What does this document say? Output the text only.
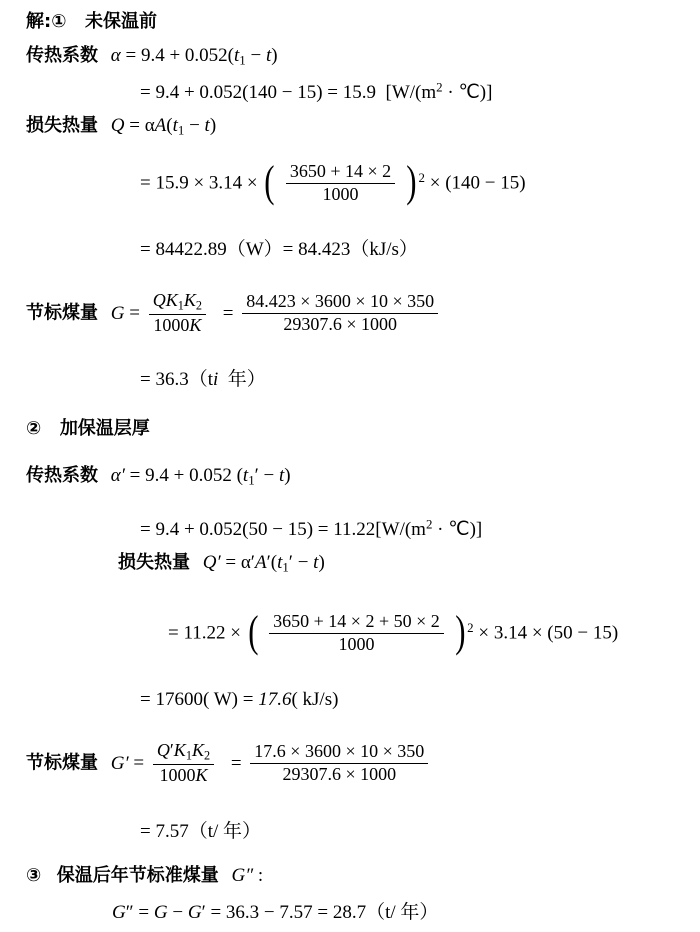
解:① 未保温前
传热系数 $\alpha = 9.4 + 0.052(t_1 - t)$
= 9.4 + 0.052(140 − 15) = 15.9  [$W/(m^2$ · ℃)]
损失热量 $Q = \alpha A(t_1 - t)$
= 15.9 × 3.14 × ( $\frac{3650 + 14 \times 2}{1000}$ ) $^2$ × (140 − 15)
= 84422.89（W）= 84.423（kJ/s）
节标煤量 $G = \frac{QK_1K_2}{1000K} = \frac{84.423 \times 3600 \times 10 \times 350}{29307.6 \times 1000}$
= 36.3（ti  年）
② 加保温层厚
传热系数 α′ = 9.4 + 0.052 $(t_1' - t)$
= $9.4 + 0.052(50 - 15) = 11.22[W/(m^2$ · ℃)]
损失热量 $Q' = \alpha'A'(t_1' - t)$
= 11.22 × ( $\frac{3650 + 14 \times 2 + 50 \times 2}{1000}$ ) $^2$ × 3.14 × (50 − 15)
= 17600( W) = 17.6( kJ/s)
节标煤量 $G' = \frac{Q'K_1K_2}{1000K} = \frac{17.6 \times 3600 \times 10 \times 350}{29307.6 \times 1000}$
= 7.57（t/ 年）
③ 保温后年节标准煤量 G″ :
G″ = G − G′ = 36.3 − 7.57 = 28.7（t/ 年）
